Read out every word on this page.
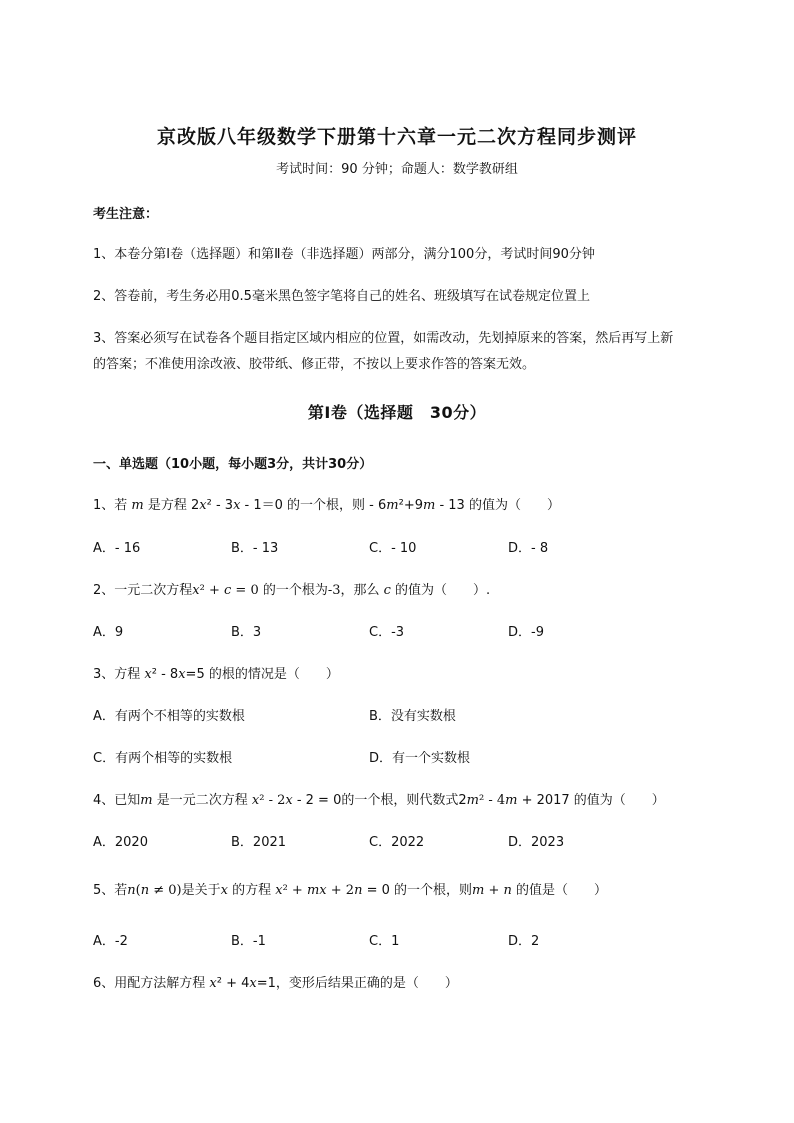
京改版八年级数学下册第十六章一元二次方程同步测评
考试时间：90 分钟；命题人：数学教研组
考生注意：
1、本卷分第I卷（选择题）和第Ⅱ卷（非选择题）两部分，满分100分，考试时间90分钟
2、答卷前，考生务必用0.5毫米黑色签字笔将自己的姓名、班级填写在试卷规定位置上
3、答案必须写在试卷各个题目指定区域内相应的位置，如需改动，先划掉原来的答案，然后再写上新
的答案；不准使用涂改液、胶带纸、修正带，不按以上要求作答的答案无效。
第Ⅰ卷（选择题　30分）
一、单选题（10小题，每小题3分，共计30分）
1、若 m 是方程 2x² - 3x - 1＝0 的一个根，则 - 6m²+9m - 13 的值为（　　）
A．- 16	B．- 13	C．- 10	D．- 8
2、一元二次方程x² + c = 0 的一个根为-3，那么 c 的值为（　　）.
A．9	B．3	C．-3	D．-9
3、方程 x² - 8x=5 的根的情况是（　　）
A．有两个不相等的实数根	B．没有实数根
C．有两个相等的实数根	D．有一个实数根
4、已知m 是一元二次方程 x² - 2x - 2 = 0的一个根，则代数式2m² - 4m + 2017 的值为（　　）
A．2020	B．2021	C．2022	D．2023
5、若n(n ≠ 0)是关于x 的方程 x² + mx + 2n = 0 的一个根，则m + n 的值是（　　）
A．-2	B．-1	C．1	D．2
6、用配方法解方程 x² + 4x=1，变形后结果正确的是（　　）
